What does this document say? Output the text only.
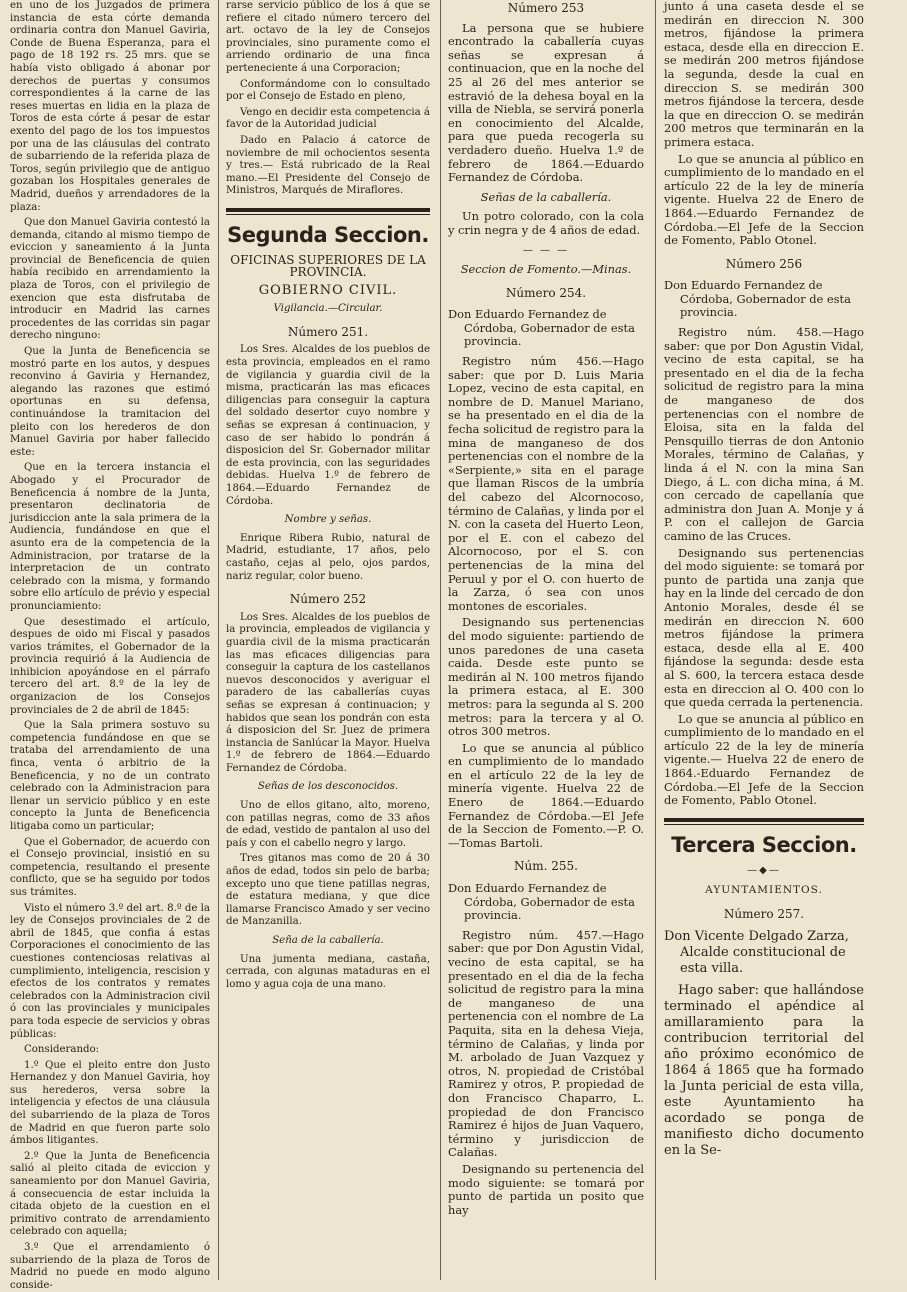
en uno de los Juzgados de primera instancia de esta córte demanda ordinaria contra don Manuel Gaviria, Conde de Buena Esperanza, para el pago de 18 192 rs. 25 mrs. que se había visto obligado á abonar por derechos de puertas y consumos correspondientes á la carne de las reses muertas en lidia en la plaza de Toros de esta córte á pesar de estar exento del pago de los tos impuestos por una de las cláusulas del contrato de subarriendo de la referida plaza de Toros, según privilegio que de antiguo gozaban los Hospitales generales de Madrid, dueños y arrendadores de la plaza:

Que don Manuel Gaviria contestó la demanda, citando al mismo tiempo de eviccion y saneamiento á la Junta provincial de Beneficencia de quien había recibido en arrendamiento la plaza de Toros, con el privilegio de exencion que esta disfrutaba de introducir en Madrid las carnes procedentes de las corridas sin pagar derecho ninguno:

Que la Junta de Beneficencia se mostró parte en los autos, y despues reconvino á Gaviria y Hernandez, alegando las razones que estimó oportunas en su defensa, continuándose la tramitacion del pleito con los herederos de don Manuel Gaviria por haber fallecido este:

Que en la tercera instancia el Abogado y el Procurador de Beneficencia á nombre de la Junta, presentaron declinatoria de jurisdiccion ante la sala primera de la Audiencia, fundándose en que el asunto era de la competencia de la Administracion, por tratarse de la interpretacion de un contrato celebrado con la misma, y formando sobre ello artículo de prévio y especial pronunciamiento:

Que desestimado el artículo, despues de oido mi Fiscal y pasados varios trámites, el Gobernador de la provincia requirió á la Audiencia de inhibicion apoyándose en el párrafo tercero del art. 8.º de la ley de organizacion de los Consejos provinciales de 2 de abril de 1845:

Que la Sala primera sostuvo su competencia fundándose en que se trataba del arrendamiento de una finca, venta ó arbitrio de la Beneficencia, y no de un contrato celebrado con la Administracion para llenar un servicio público y en este concepto la Junta de Beneficencia litigaba como un particular;

Que el Gobernador, de acuerdo con el Consejo provincial, insistió en su competencia, resultando el presente conflicto, que se ha seguido por todos sus trámites.

Visto el número 3.º del art. 8.º de la ley de Consejos provinciales de 2 de abril de 1845, que confia á estas Corporaciones el conocimiento de las cuestiones contenciosas relativas al cumplimiento, inteligencia, rescision y efectos de los contratos y remates celebrados con la Administracion civil ó con las provinciales y municipales para toda especie de servicios y obras públicas:

Considerando:

1.º Que el pleito entre don Justo Hernandez y don Manuel Gaviria, hoy sus herederos, versa sobre la inteligencia y efectos de una cláusula del subarriendo de la plaza de Toros de Madrid en que fueron parte solo ámbos litigantes.

2.º Que la Junta de Beneficencia salió al pleito citada de eviccion y saneamiento por don Manuel Gaviria, á consecuencia de estar incluida la citada objeto de la cuestion en el primitivo contrato de arrendamiento celebrado con aquella;

3.º Que el arrendamiento ó subarriendo de la plaza de Toros de Madrid no puede en modo alguno conside-

rarse servicio público de los á que se refiere el citado número tercero del art. octavo de la ley de Consejos provinciales, sino puramente como el arriendo ordinario de una finca perteneciente á una Corporacion;

Conformándome con lo consultado por el Consejo de Estado en pleno,

Vengo en decidir esta competencia á favor de la Autoridad judicial

Dado en Palacio á catorce de noviembre de mil ochocientos sesenta y tres.— Está rubricado de la Real mano.—El Presidente del Consejo de Ministros, Marqués de Miraflores.

Segunda Seccion.
OFICINAS SUPERIORES DE LA PROVINCIA.
GOBIERNO CIVIL.
Vigilancia.—Circular.
Número 251.

Los Sres. Alcaldes de los pueblos de esta provincia, empleados en el ramo de vigilancia y guardia civil de la misma, practicarán las mas eficaces diligencias para conseguir la captura del soldado desertor cuyo nombre y señas se expresan á continuacion, y caso de ser habido lo pondrán á disposicion del Sr. Gobernador militar de esta provincia, con las seguridades debidas. Huelva 1.º de febrero de 1864.—Eduardo Fernandez de Córdoba.

Nombre y señas.

Enrique Ribera Rubio, natural de Madrid, estudiante, 17 años, pelo castaño, cejas al pelo, ojos pardos, nariz regular, color bueno.

Número 252

Los Sres. Alcaldes de los pueblos de la provincia, empleados de vigilancia y guardia civil de la misma practicarán las mas eficaces diligencias para conseguir la captura de los castellanos nuevos desconocidos y averiguar el paradero de las caballerías cuyas señas se expresan á continuacion; y habidos que sean los pondrán con esta á disposicion del Sr. Juez de primera instancia de Sanlúcar la Mayor. Huelva 1.º de febrero de 1864.—Eduardo Fernandez de Córdoba.

Señas de los desconocidos.

Uno de ellos gitano, alto, moreno, con patillas negras, como de 33 años de edad, vestido de pantalon al uso del país y con el cabello negro y largo.

Tres gitanos mas como de 20 á 30 años de edad, todos sin pelo de barba; excepto uno que tiene patillas negras, de estatura mediana, y que dice llamarse Francisco Amado y ser vecino de Manzanilla.

Seña de la caballería.

Una jumenta mediana, castaña, cerrada, con algunas mataduras en el lomo y agua coja de una mano.

Número 253

La persona que se hubiere encontrado la caballería cuyas señas se expresan á continuacion, que en la noche del 25 al 26 del mes anterior se estravió de la dehesa boyal en la villa de Niebla, se servirá ponerla en conocimiento del Alcalde, para que pueda recogerla su verdadero dueño. Huelva 1.º de febrero de 1864.—Eduardo Fernandez de Córdoba.

Señas de la caballería.

Un potro colorado, con la cola y crin negra y de 4 años de edad.

— — —
Seccion de Fomento.—Minas.
Número 254.

Don Eduardo Fernandez de Córdoba, Gobernador de esta provincia.

Registro núm 456.—Hago saber: que por D. Luis Maria Lopez, vecino de esta capital, en nombre de D. Manuel Mariano, se ha presentado en el dia de la fecha solicitud de registro para la mina de manganeso de dos pertenencias con el nombre de la «Serpiente,» sita en el parage que llaman Riscos de la umbría del cabezo del Alcornocoso, término de Calañas, y linda por el N. con la caseta del Huerto Leon, por el E. con el cabezo del Alcornocoso, por el S. con pertenencias de la mina del Peruul y por el O. con huerto de la Zarza, ó sea con unos montones de escoriales.

Designando sus pertenencias del modo siguiente: partiendo de unos paredones de una caseta caida. Desde este punto se medirán al N. 100 metros fijando la primera estaca, al E. 300 metros: para la segunda al S. 200 metros: para la tercera y al O. otros 300 metros.

Lo que se anuncia al público en cumplimiento de lo mandado en el artículo 22 de la ley de minería vigente. Huelva 22 de Enero de 1864.—Eduardo Fernandez de Córdoba.—El Jefe de la Seccion de Fomento.—P. O.—Tomas Bartoli.

Núm. 255.

Don Eduardo Fernandez de Córdoba, Gobernador de esta provincia.

Registro núm. 457.—Hago saber: que por Don Agustin Vidal, vecino de esta capital, se ha presentado en el dia de la fecha solicitud de registro para la mina de manganeso de una pertenencia con el nombre de La Paquita, sita en la dehesa Vieja, término de Calañas, y linda por M. arbolado de Juan Vazquez y otros, N. propiedad de Cristóbal Ramirez y otros, P. propiedad de don Francisco Chaparro, L. propiedad de don Francisco Ramirez é hijos de Juan Vaquero, término y jurisdiccion de Calañas.

Designando su pertenencia del modo siguiente: se tomará por punto de partida un posito que hay

junto á una caseta desde el se medirán en direccion N. 300 metros, fijándose la primera estaca, desde ella en direccion E. se medirán 200 metros fijándose la segunda, desde la cual en direccion S. se medirán 300 metros fijándose la tercera, desde la que en direccion O. se medirán 200 metros que terminarán en la primera estaca.

Lo que se anuncia al público en cumplimiento de lo mandado en el artículo 22 de la ley de minería vigente. Huelva 22 de Enero de 1864.—Eduardo Fernandez de Córdoba.—El Jefe de la Seccion de Fomento, Pablo Otonel.

Número 256

Don Eduardo Fernandez de Córdoba, Gobernador de esta provincia.

Registro núm. 458.—Hago saber: que por Don Agustin Vidal, vecino de esta capital, se ha presentado en el dia de la fecha solicitud de registro para la mina de manganeso de dos pertenencias con el nombre de Eloisa, sita en la falda del Pensquillo tierras de don Antonio Morales, término de Calañas, y linda á el N. con la mina San Diego, á L. con dicha mina, á M. con cercado de capellanía que administra don Juan A. Monje y á P. con el callejon de Garcia camino de las Cruces.

Designando sus pertenencias del modo siguiente: se tomará por punto de partida una zanja que hay en la linde del cercado de don Antonio Morales, desde él se medirán en direccion N. 600 metros fijándose la primera estaca, desde ella al E. 400 fijándose la segunda: desde esta al S. 600, la tercera estaca desde esta en direccion al O. 400 con lo que queda cerrada la pertenencia.

Lo que se anuncia al público en cumplimiento de lo mandado en el artículo 22 de la ley de minería vigente.— Huelva 22 de enero de 1864.-Eduardo Fernandez de Córdoba.—El Jefe de la Seccion de Fomento, Pablo Otonel.

Tercera Seccion.
—◆—
AYUNTAMIENTOS.
Número 257.

Don Vicente Delgado Zarza, Alcalde constitucional de esta villa.

Hago saber: que hallándose terminado el apéndice al amillaramiento para la contribucion territorial del año próximo económico de 1864 á 1865 que ha formado la Junta pericial de esta villa, este Ayuntamiento ha acordado se ponga de manifiesto dicho documento en la Se-
